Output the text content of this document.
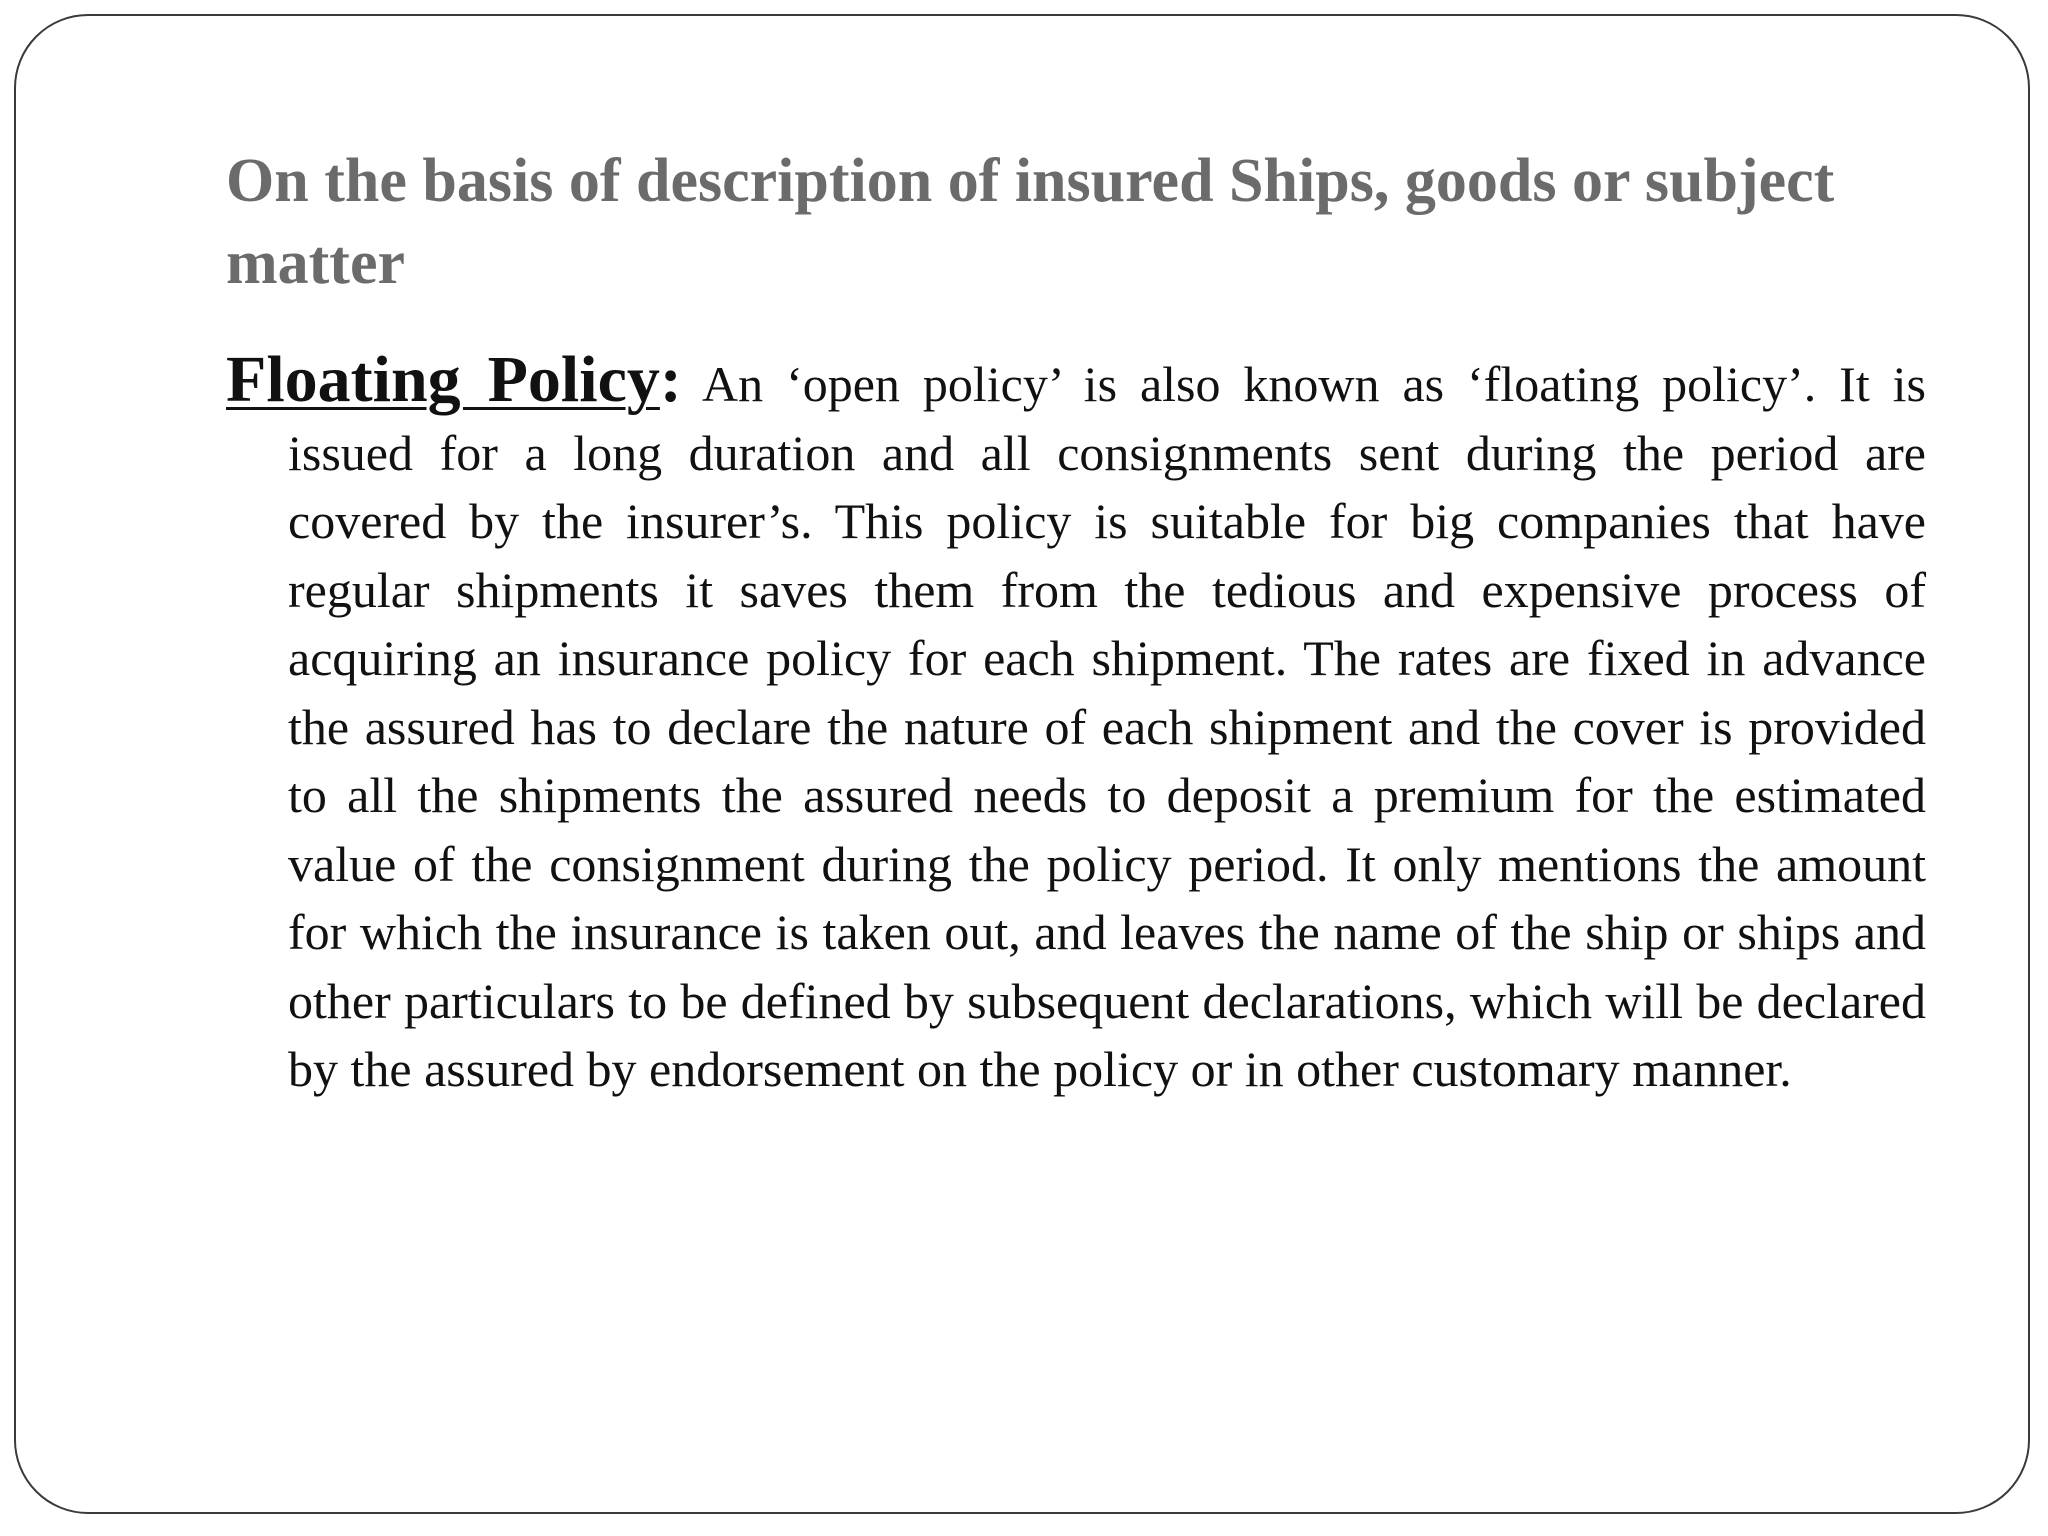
On the basis of description of insured Ships, goods or subject matter

Floating Policy: An ‘open policy’ is also known as ‘floating policy’. It is issued for a long duration and all consignments sent during the period are covered by the insurer’s. This policy is suitable for big companies that have regular shipments it saves them from the tedious and expensive process of acquiring an insurance policy for each shipment. The rates are fixed in advance the assured has to declare the nature of each shipment and the cover is provided to all the shipments the assured needs to deposit a premium for the estimated value of the consignment during the policy period. It only mentions the amount for which the insurance is taken out, and leaves the name of the ship or ships and other particulars to be defined by subsequent declarations, which will be declared by the assured by endorsement on the policy or in other customary manner.
